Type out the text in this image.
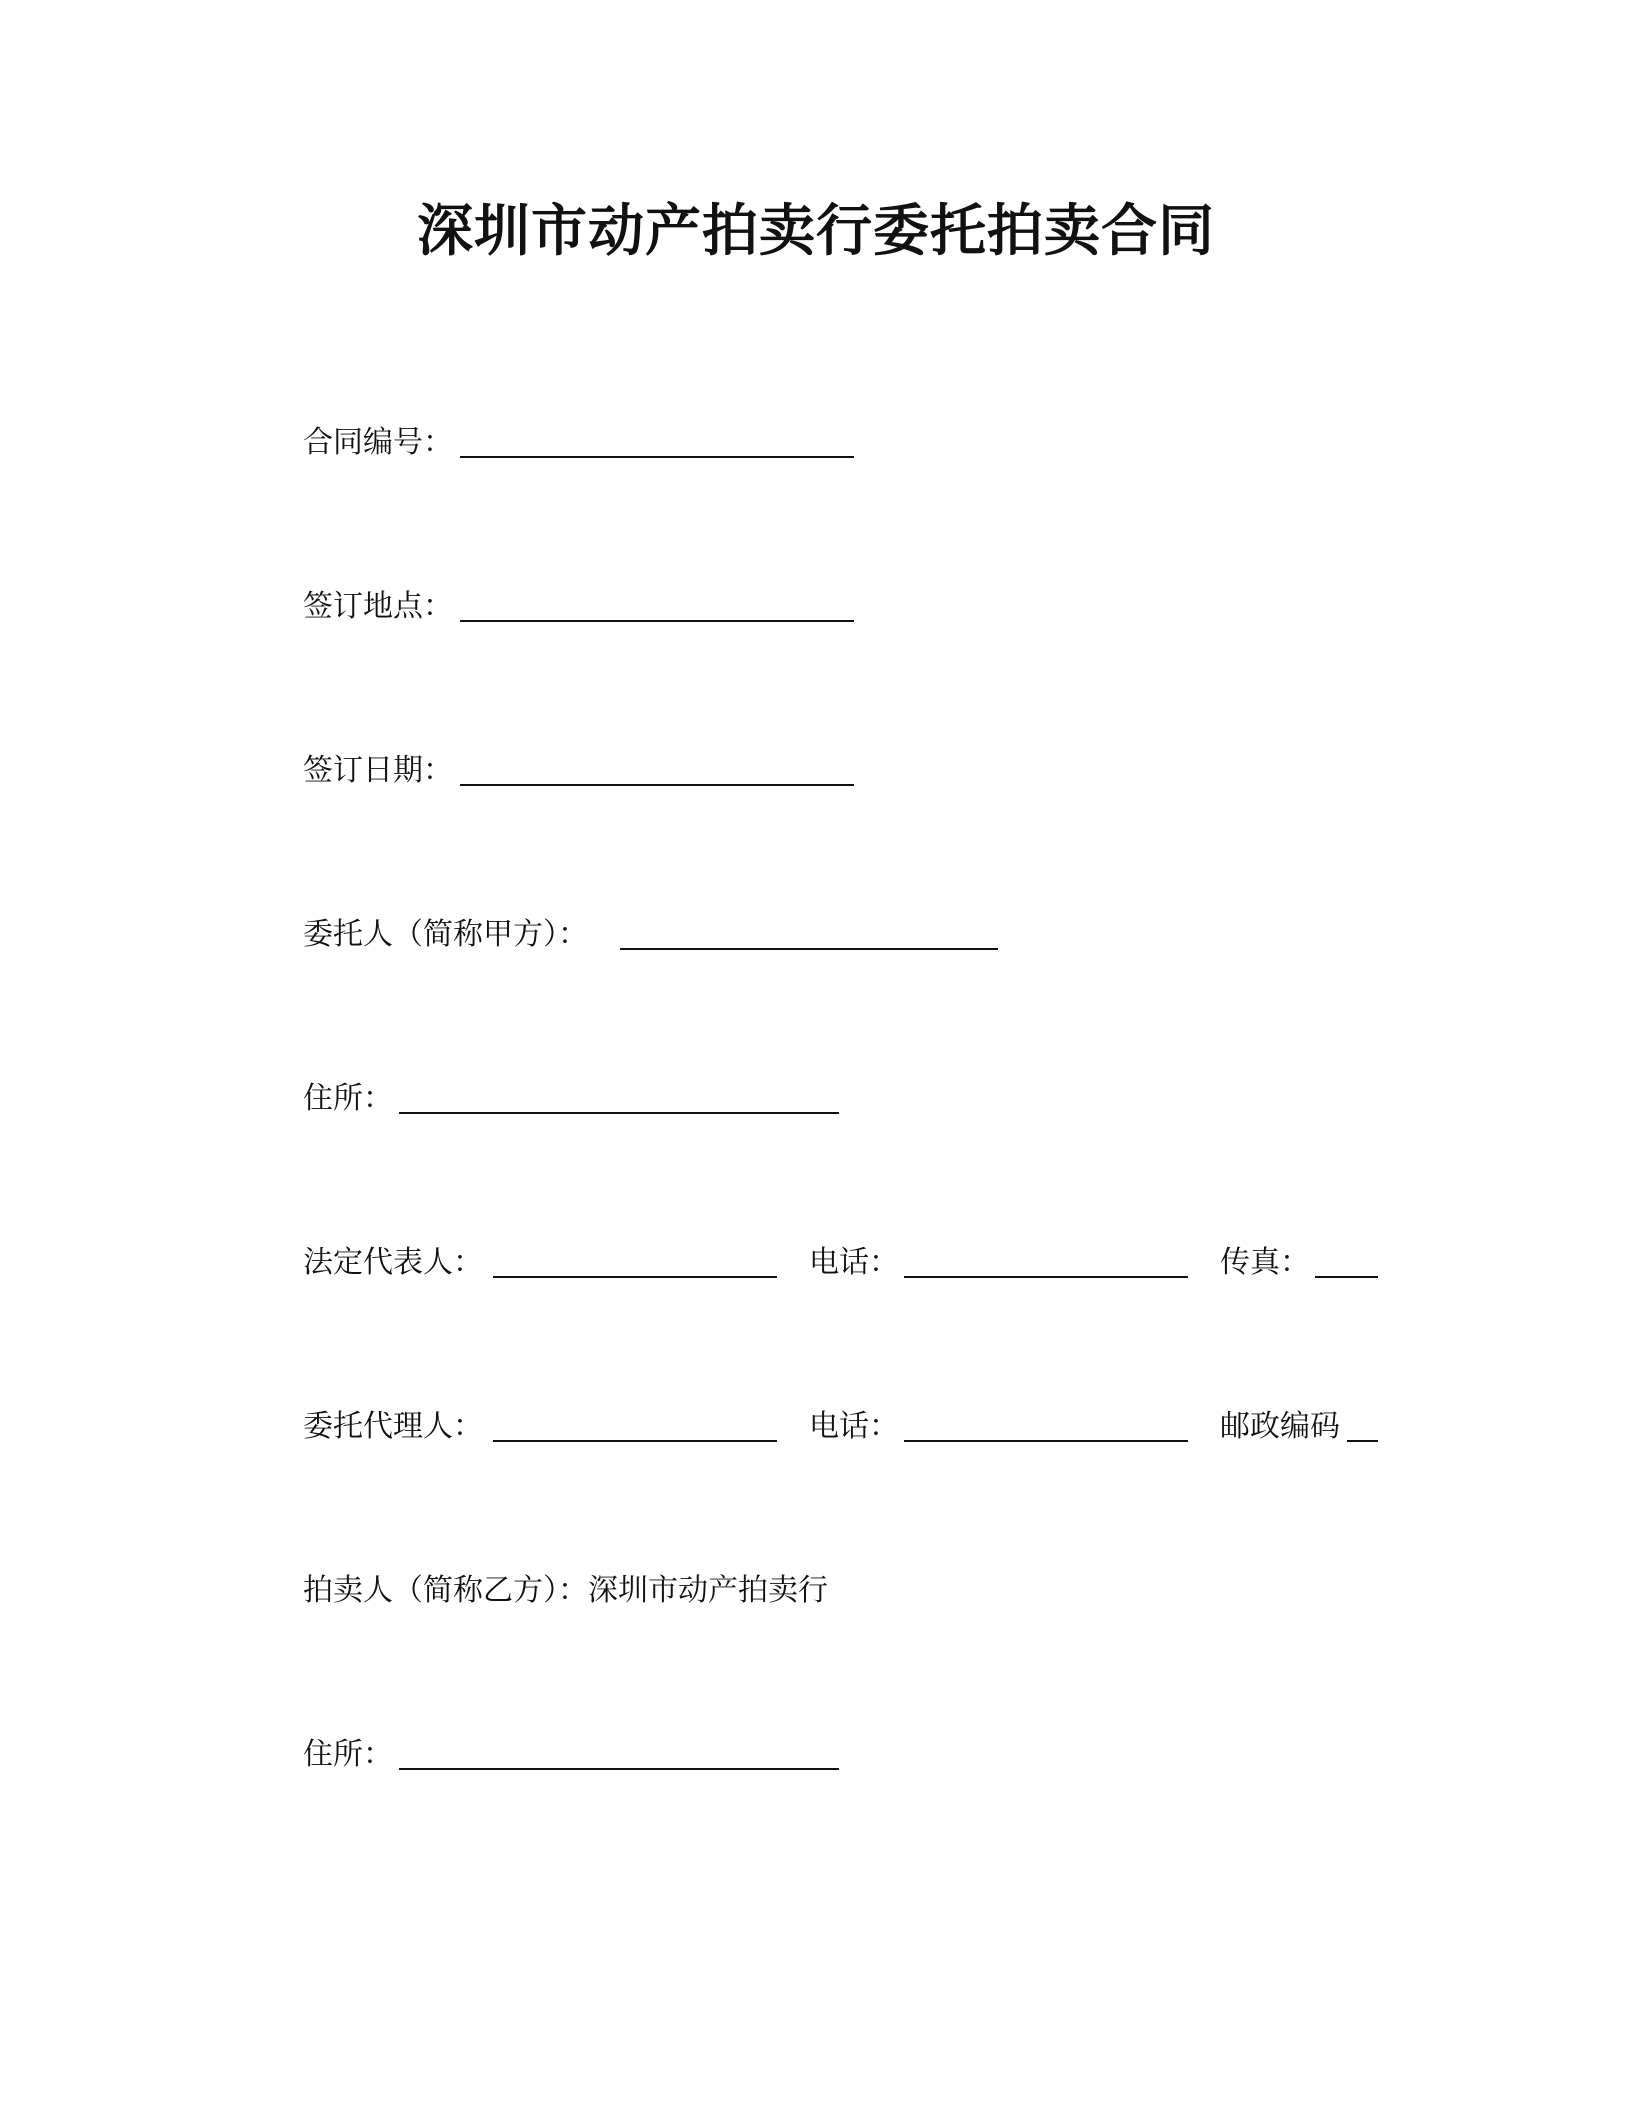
深圳市动产拍卖行委托拍卖合同
合同编号：
签订地点：
签订日期：
委托人（简称甲方）：
住所：
法定代表人：	电话：	传真：
委托代理人：	电话：	邮政编码
拍卖人（简称乙方）：深圳市动产拍卖行
住所：
